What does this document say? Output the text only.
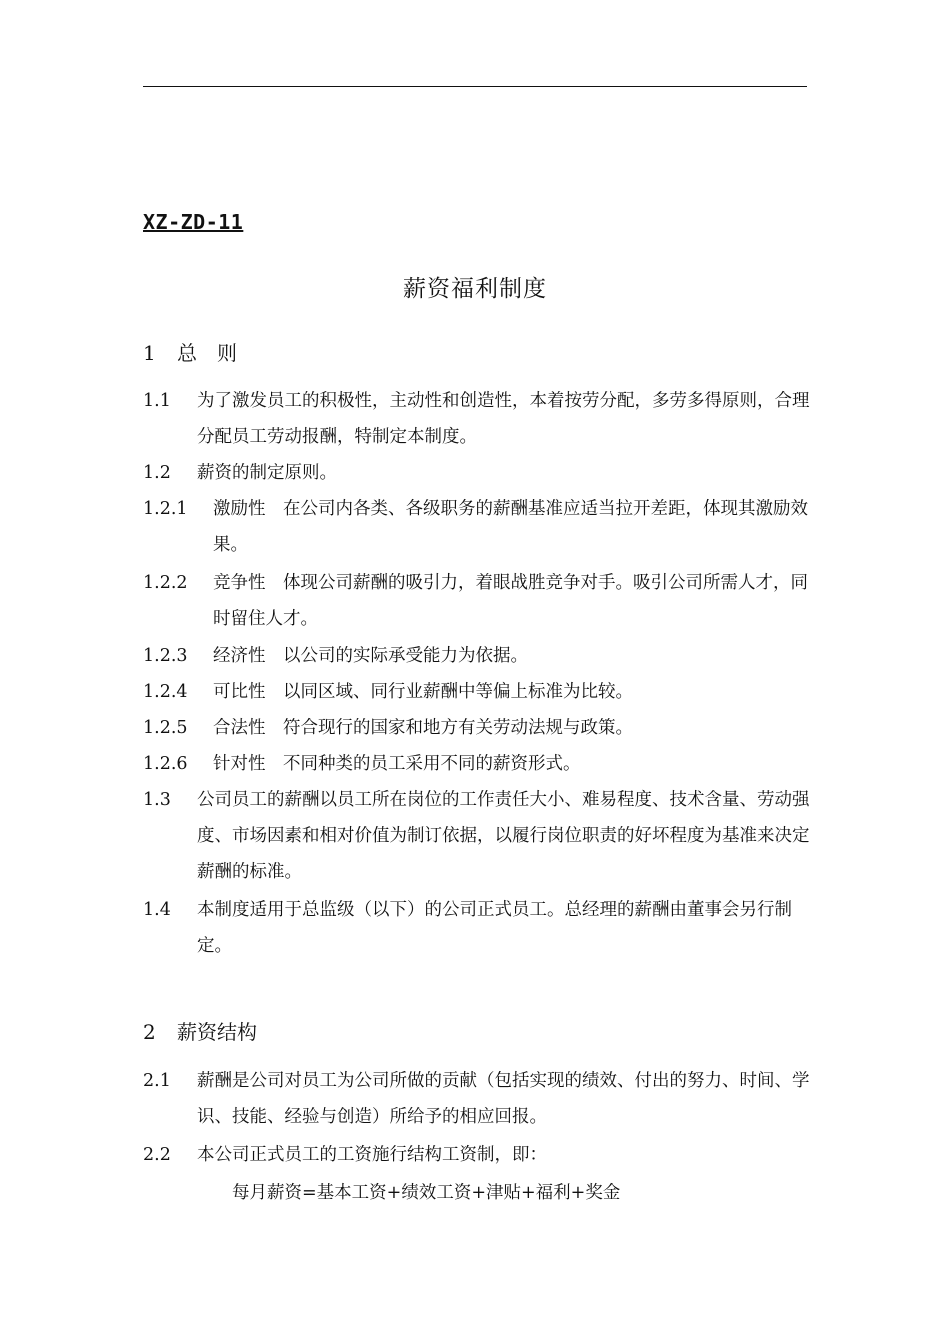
XZ-ZD-11
薪资福利制度
1 总　则
1.1 为了激发员工的积极性，主动性和创造性，本着按劳分配，多劳多得原则，合理分配员工劳动报酬，特制定本制度。
1.2 薪资的制定原则。
1.2.1 激励性　在公司内各类、各级职务的薪酬基准应适当拉开差距，体现其激励效果。
1.2.2 竞争性　体现公司薪酬的吸引力，着眼战胜竞争对手。吸引公司所需人才，同时留住人才。
1.2.3 经济性　以公司的实际承受能力为依据。
1.2.4 可比性　以同区域、同行业薪酬中等偏上标准为比较。
1.2.5 合法性　符合现行的国家和地方有关劳动法规与政策。
1.2.6 针对性　不同种类的员工采用不同的薪资形式。
1.3 公司员工的薪酬以员工所在岗位的工作责任大小、难易程度、技术含量、劳动强度、市场因素和相对价值为制订依据，以履行岗位职责的好坏程度为基准来决定薪酬的标准。
1.4 本制度适用于总监级（以下）的公司正式员工。总经理的薪酬由董事会另行制定。
2 薪资结构
2.1 薪酬是公司对员工为公司所做的贡献（包括实现的绩效、付出的努力、时间、学识、技能、经验与创造）所给予的相应回报。
2.2 本公司正式员工的工资施行结构工资制，即：
每月薪资=基本工资+绩效工资+津贴+福利+奖金
